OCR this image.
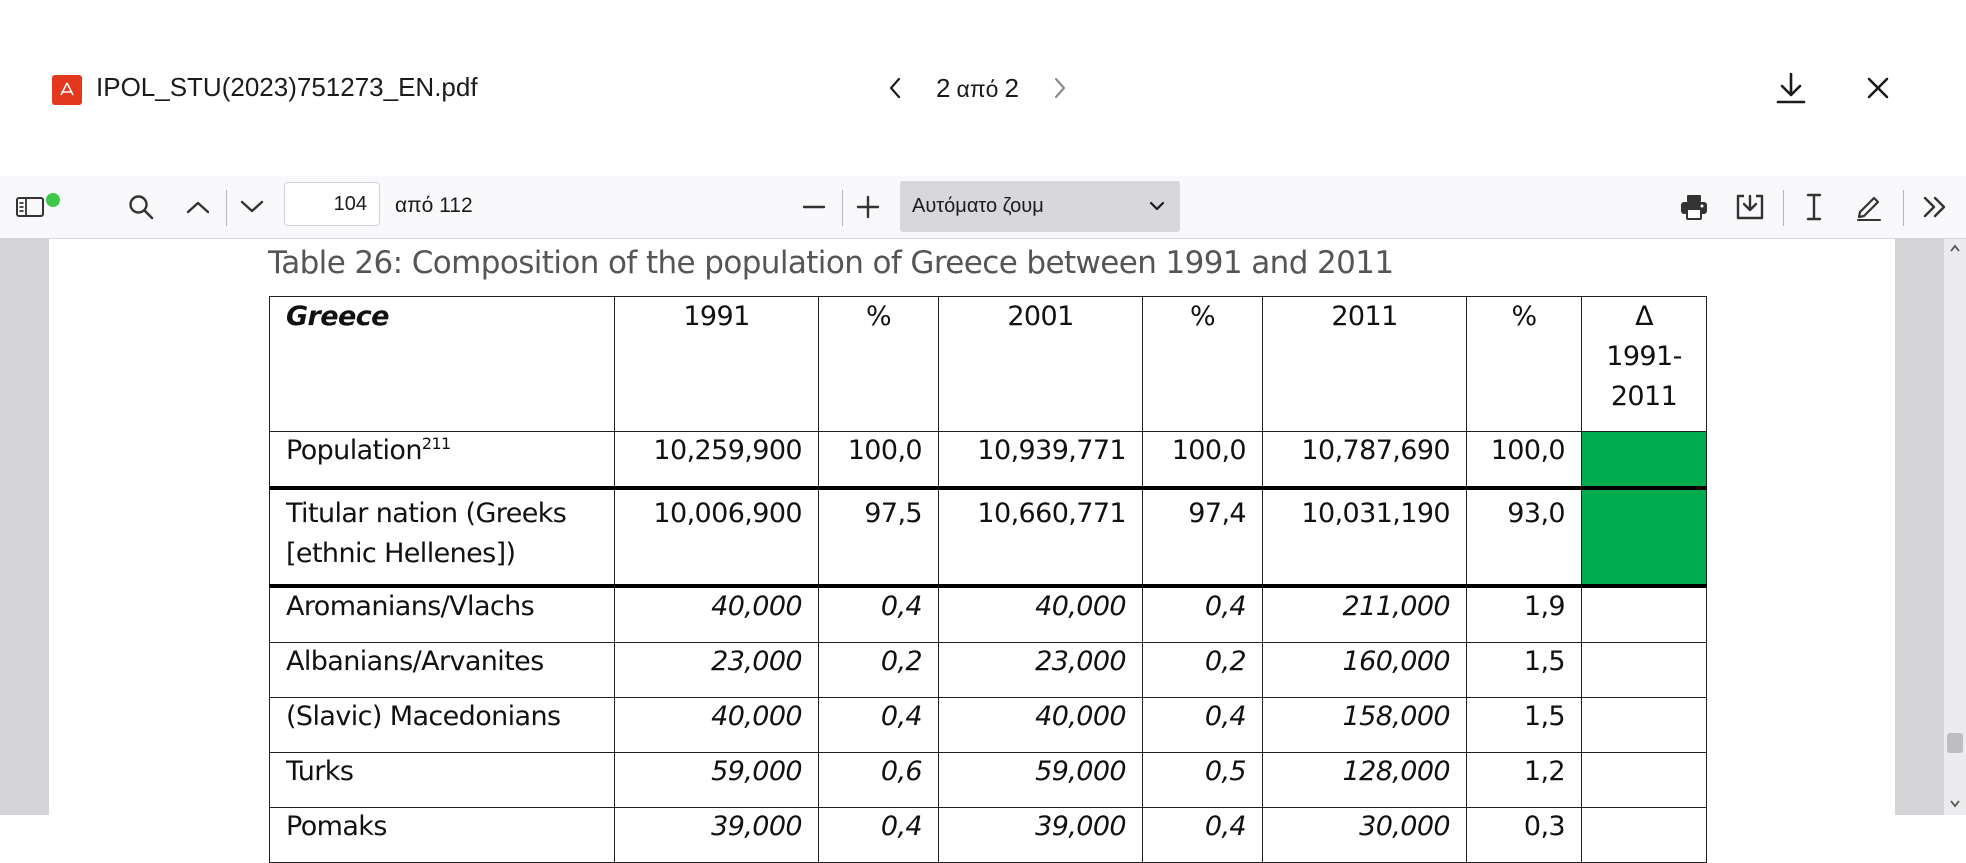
IPOL_STU(2023)751273_EN.pdf	2 από 2
104
από 112	Αυτόματο ζουμ
Table 26: Composition of the population of Greece between 1991 and 2011
Greece	1991	%	2001	%	2011	%	Δ
1991-
2011

Population$^{211}$	10,259,900	100,0	10,939,771	100,0	10,787,690	100,0	
Titular nation (Greeks [ethnic Hellenes])	10,006,900	97,5	10,660,771	97,4	10,031,190	93,0	
Aromanians/Vlachs	40,000	0,4	40,000	0,4	211,000	1,9	
Albanians/Arvanites	23,000	0,2	23,000	0,2	160,000	1,5	
(Slavic) Macedonians	40,000	0,4	40,000	0,4	158,000	1,5	
Turks	59,000	0,6	59,000	0,5	128,000	1,2	
Pomaks	39,000	0,4	39,000	0,4	30,000	0,3	
